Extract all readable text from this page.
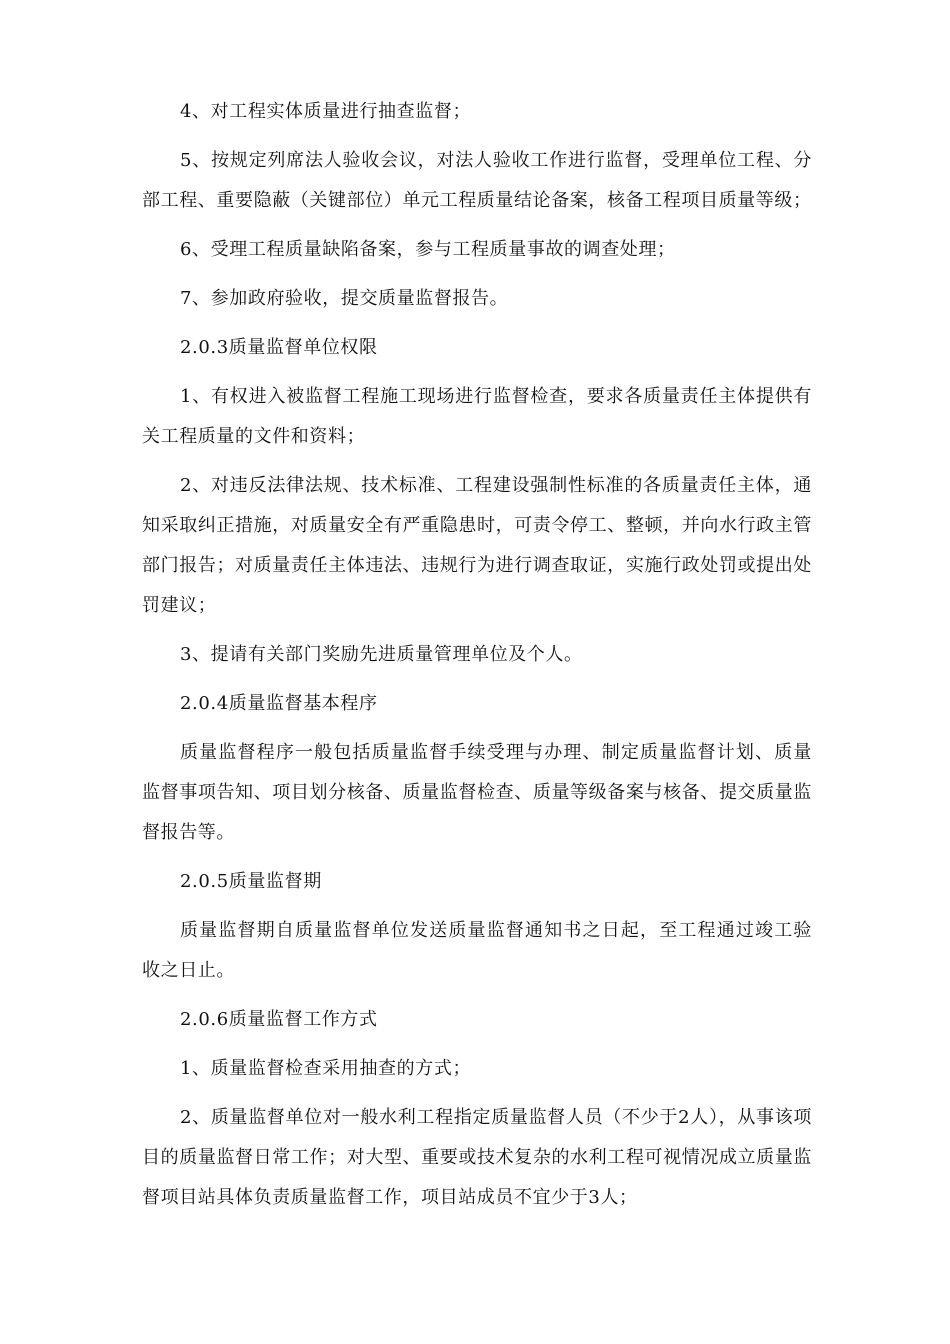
4、对工程实体质量进行抽查监督；

5、按规定列席法人验收会议，对法人验收工作进行监督，受理单位工程、分部工程、重要隐蔽（关键部位）单元工程质量结论备案，核备工程项目质量等级；

6、受理工程质量缺陷备案，参与工程质量事故的调查处理；

7、参加政府验收，提交质量监督报告。

2.0.3质量监督单位权限

1、有权进入被监督工程施工现场进行监督检查，要求各质量责任主体提供有关工程质量的文件和资料；

2、对违反法律法规、技术标准、工程建设强制性标准的各质量责任主体，通知采取纠正措施，对质量安全有严重隐患时，可责令停工、整顿，并向水行政主管部门报告；对质量责任主体违法、违规行为进行调查取证，实施行政处罚或提出处罚建议；

3、提请有关部门奖励先进质量管理单位及个人。

2.0.4质量监督基本程序

质量监督程序一般包括质量监督手续受理与办理、制定质量监督计划、质量监督事项告知、项目划分核备、质量监督检查、质量等级备案与核备、提交质量监督报告等。

2.0.5质量监督期

质量监督期自质量监督单位发送质量监督通知书之日起，至工程通过竣工验收之日止。

2.0.6质量监督工作方式

1、质量监督检查采用抽查的方式；

2、质量监督单位对一般水利工程指定质量监督人员（不少于2人），从事该项目的质量监督日常工作；对大型、重要或技术复杂的水利工程可视情况成立质量监督项目站具体负责质量监督工作，项目站成员不宜少于3人；
